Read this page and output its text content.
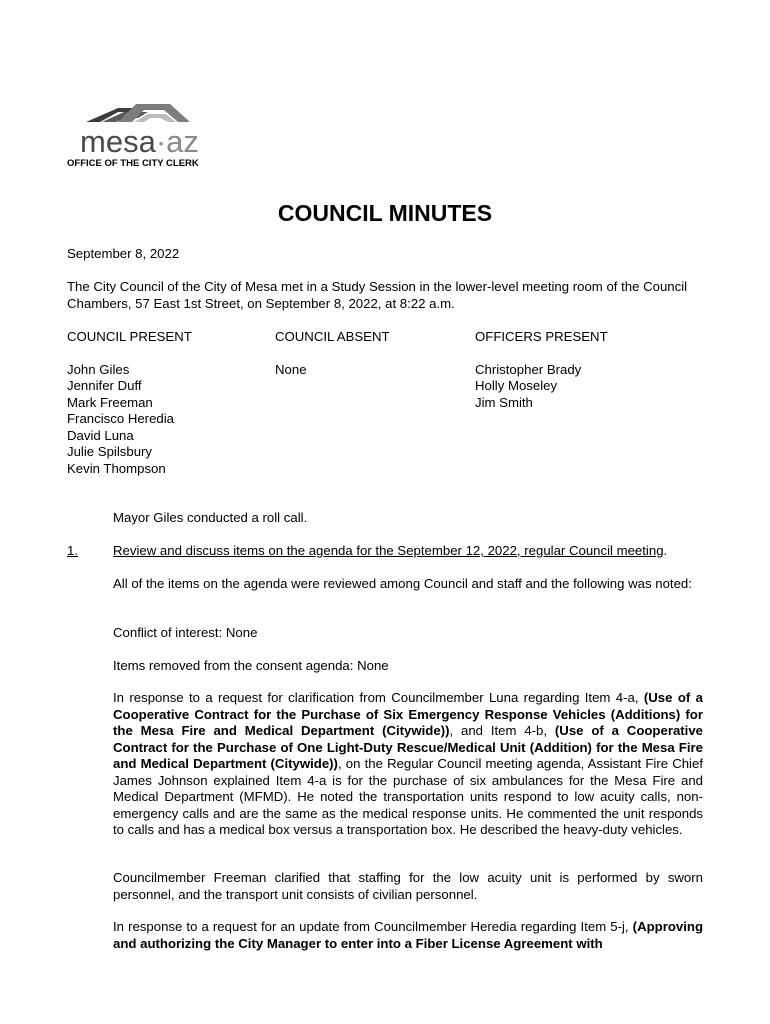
mesa·az
OFFICE OF THE CITY CLERK
COUNCIL MINUTES
September 8, 2022
The City Council of the City of Mesa met in a Study Session in the lower-level meeting room of the Council Chambers, 57 East 1st Street, on September 8, 2022, at 8:22 a.m.
COUNCIL PRESENT
John Giles
Jennifer Duff
Mark Freeman
Francisco Heredia
David Luna
Julie Spilsbury
Kevin Thompson
COUNCIL ABSENT
None
OFFICERS PRESENT
Christopher Brady
Holly Moseley
Jim Smith
Mayor Giles conducted a roll call.
1.
	Review and discuss items on the agenda for the September 12, 2022, regular Council meeting.
All of the items on the agenda were reviewed among Council and staff and the following was noted:
Conflict of interest: None
Items removed from the consent agenda: None
In response to a request for clarification from Councilmember Luna regarding Item 4-a, (Use of a Cooperative Contract for the Purchase of Six Emergency Response Vehicles (Additions) for the Mesa Fire and Medical Department (Citywide)), and Item 4-b, (Use of a Cooperative Contract for the Purchase of One Light-Duty Rescue/Medical Unit (Addition) for the Mesa Fire and Medical Department (Citywide)), on the Regular Council meeting agenda, Assistant Fire Chief James Johnson explained Item 4-a is for the purchase of six ambulances for the Mesa Fire and Medical Department (MFMD). He noted the transportation units respond to low acuity calls, non-emergency calls and are the same as the medical response units. He commented the unit responds to calls and has a medical box versus a transportation box. He described the heavy-duty vehicles.
Councilmember Freeman clarified that staffing for the low acuity unit is performed by sworn personnel, and the transport unit consists of civilian personnel.
In response to a request for an update from Councilmember Heredia regarding Item 5-j, (Approving and authorizing the City Manager to enter into a Fiber License Agreement with
